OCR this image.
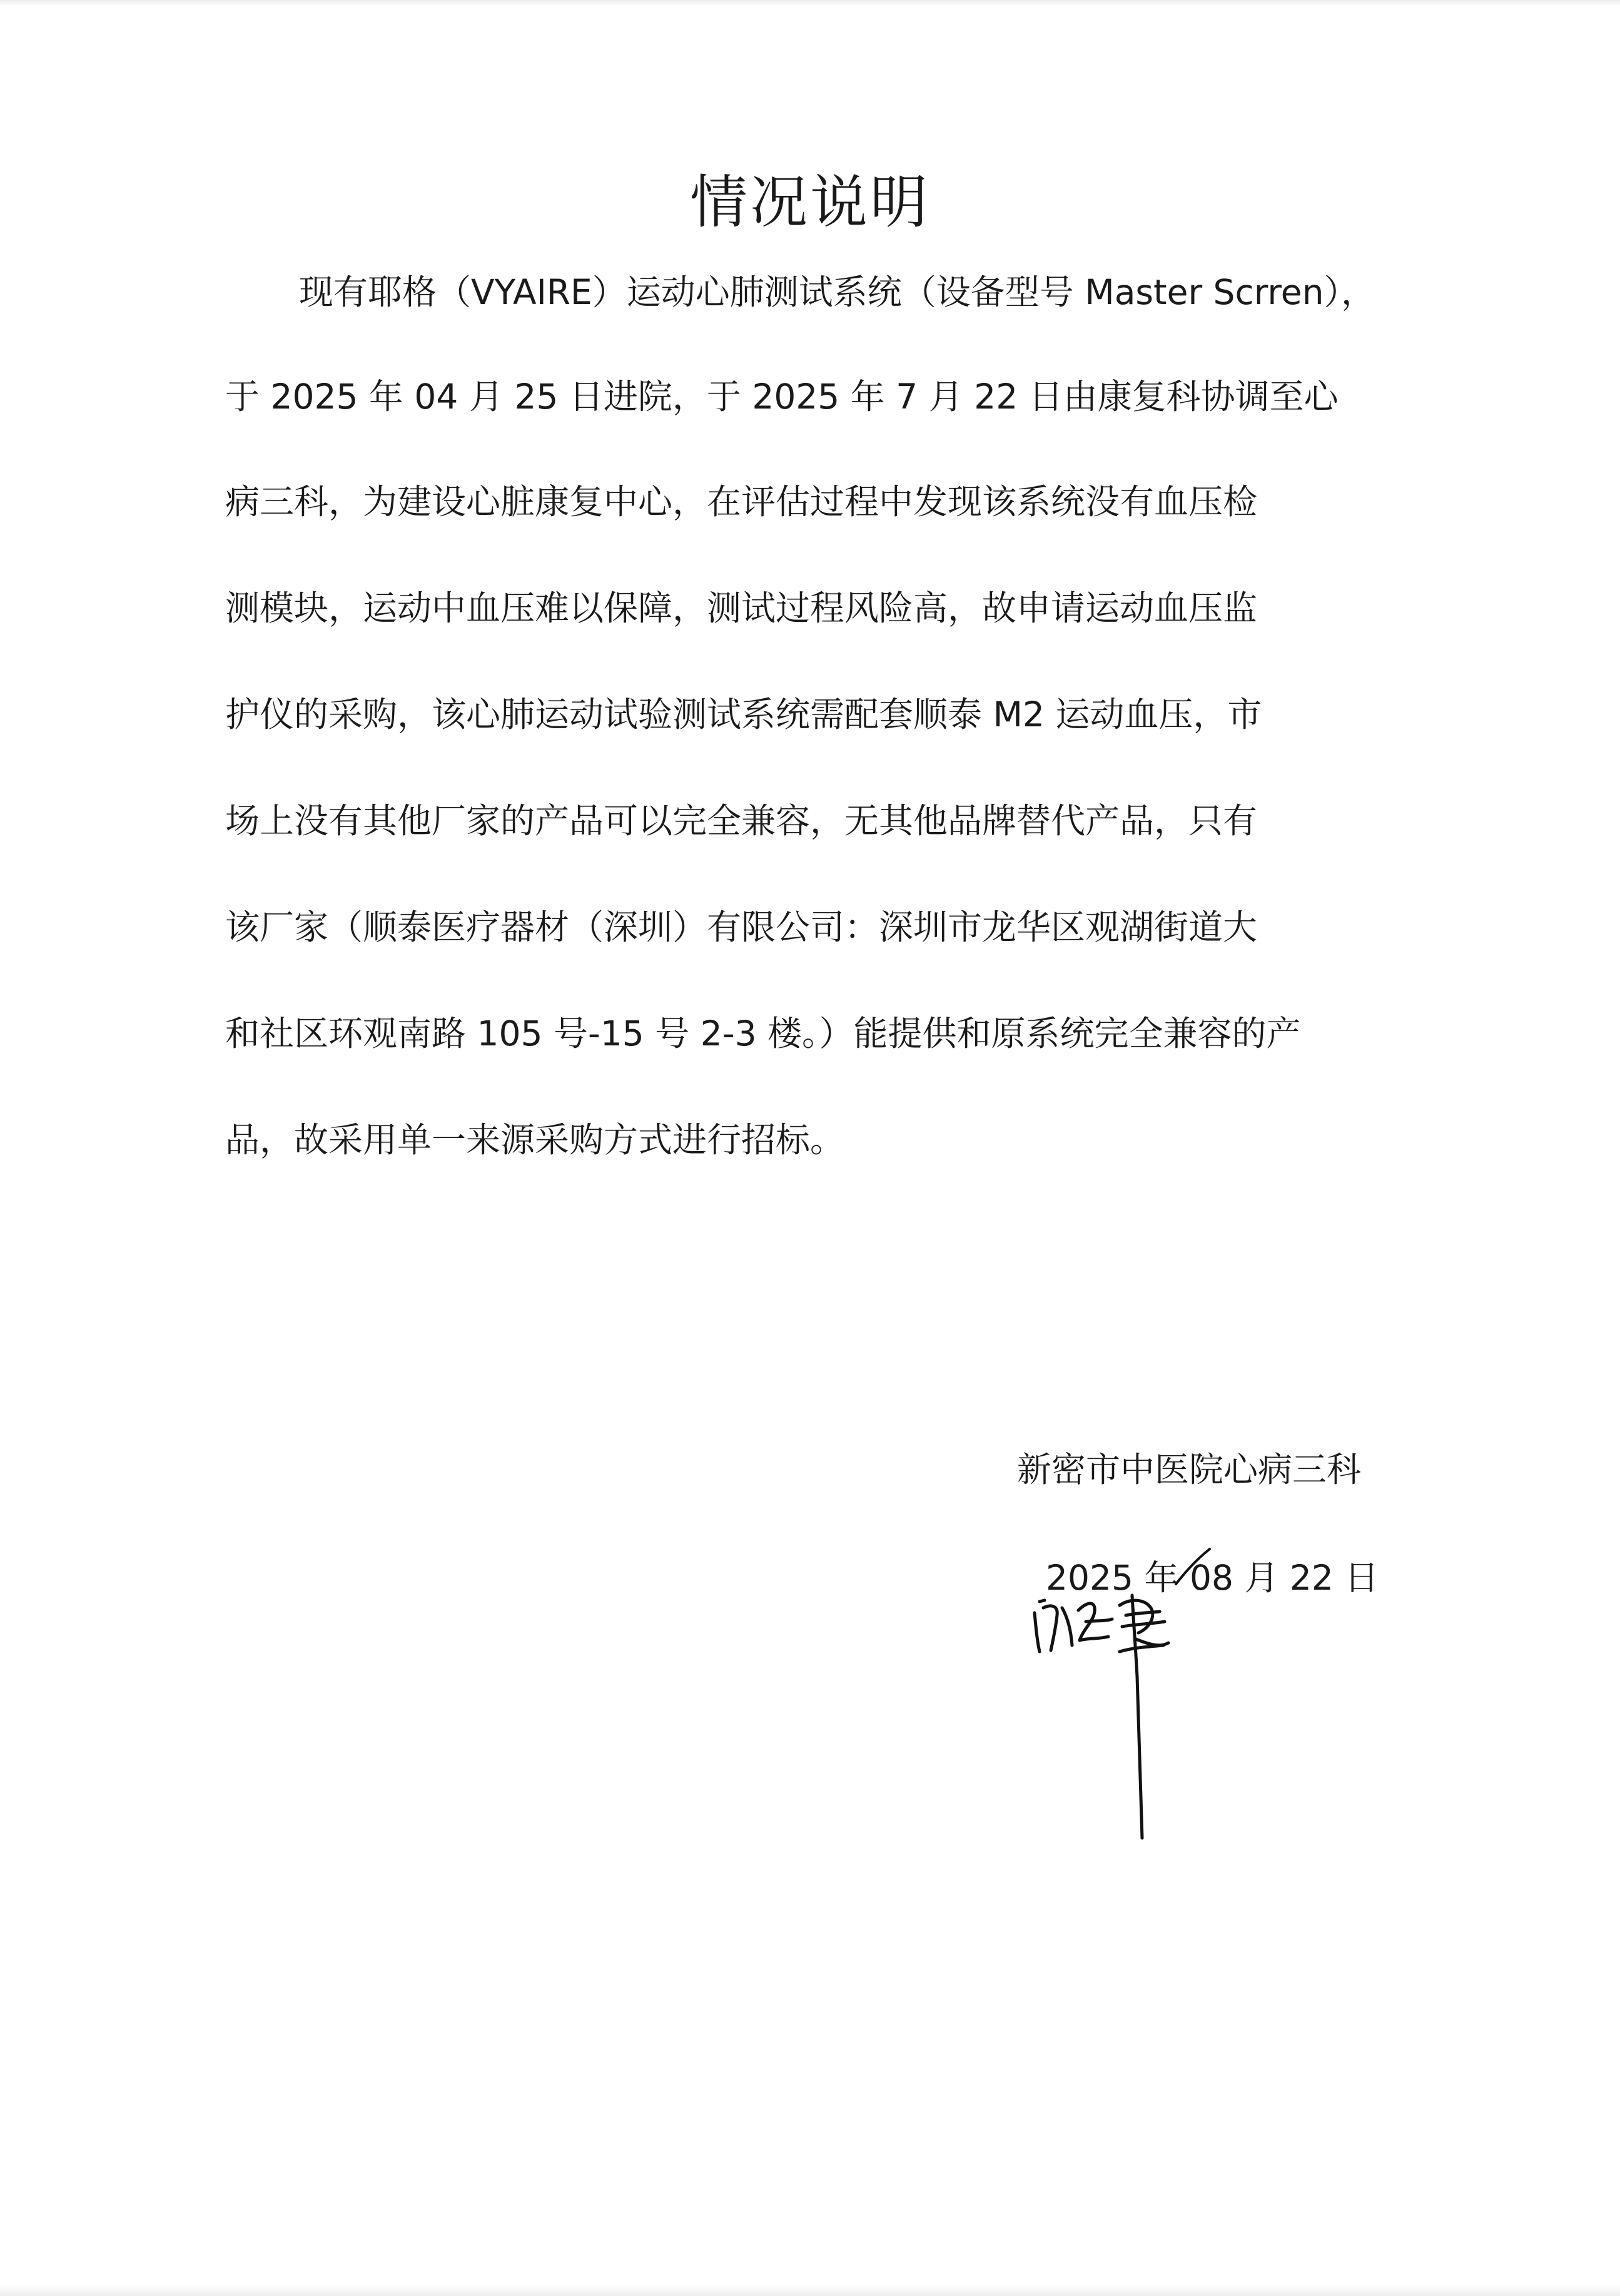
情况说明
现有耶格（VYAIRE）运动心肺测试系统（设备型号 Master Scrren），
于 2025 年 04 月 25 日进院，于 2025 年 7 月 22 日由康复科协调至心
病三科，为建设心脏康复中心，在评估过程中发现该系统没有血压检
测模块，运动中血压难以保障，测试过程风险高，故申请运动血压监
护仪的采购，该心肺运动试验测试系统需配套顺泰 M2 运动血压，市
场上没有其他厂家的产品可以完全兼容，无其他品牌替代产品，只有
该厂家（顺泰医疗器材（深圳）有限公司：深圳市龙华区观湖街道大
和社区环观南路 105 号-15 号 2-3 楼。）能提供和原系统完全兼容的产
品，故采用单一来源采购方式进行招标。
新密市中医院心病三科
2025 年 08 月 22 日
